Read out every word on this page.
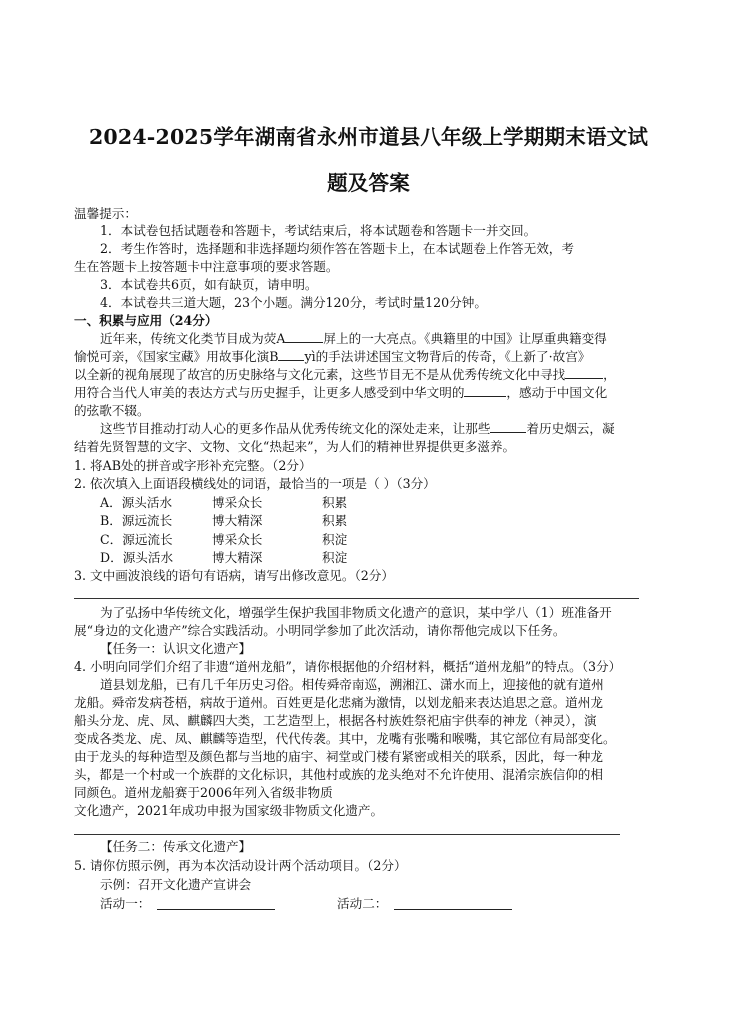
2024-2025学年湖南省永州市道县八年级上学期期末语文试
题及答案
温馨提示：
1．本试卷包括试题卷和答题卡，考试结束后，将本试题卷和答题卡一并交回。
2．考生作答时，选择题和非选择题均须作答在答题卡上，在本试题卷上作答无效，考
生在答题卡上按答题卡中注意事项的要求答题。
3．本试卷共6页，如有缺页，请申明。
4．本试卷共三道大题，23个小题。满分120分，考试时量120分钟。
一、积累与应用（24分）
近年来，传统文化类节目成为荧A	屏上的一大亮点。《典籍里的中国》让厚重典籍变得
愉悦可亲，《国家宝藏》用故事化演B yì的手法讲述国宝文物背后的传奇，《上新了·故宫》
以全新的视角展现了故宫的历史脉络与文化元素，这些节目无不是从优秀传统文化中寻找	，
用符合当代人审美的表达方式与历史握手，让更多人感受到中华文明的	，感动于中国文化
的弦歌不辍。
这些节目推动打动人心的更多作品从优秀传统文化的深处走来，让那些	着历史烟云，凝
结着先贤智慧的文字、文物、文化“热起来”，为人们的精神世界提供更多滋养。
1. 将AB处的拼音或字形补充完整。（2分）
2. 依次填入上面语段横线处的词语，最恰当的一项是（ ）（3分）
A．源头活水	博采众长	积累
B．源远流长	博大精深	积累
C．源远流长	博采众长	积淀
D．源头活水	博大精深	积淀
3. 文中画波浪线的语句有语病，请写出修改意见。（2分）
为了弘扬中华传统文化，增强学生保护我国非物质文化遗产的意识，某中学八（1）班准备开
展“身边的文化遗产”综合实践活动。小明同学参加了此次活动，请你帮他完成以下任务。
【任务一：认识文化遗产】
4. 小明向同学们介绍了非遗“道州龙船”，请你根据他的介绍材料，概括“道州龙船”的特点。（3分）
道县划龙船，已有几千年历史习俗。相传舜帝南巡，溯湘江、潇水而上，迎接他的就有道州
龙船。舜帝发病苍梧，病故于道州。百姓更是化悲痛为激情，以划龙船来表达追思之意。道州龙
船头分龙、虎、凤、麒麟四大类，工艺造型上，根据各村族姓祭祀庙宇供奉的神龙（神灵），演
变成各类龙、虎、凤、麒麟等造型，代代传袭。其中，龙嘴有张嘴和喉嘴，其它部位有局部变化。
由于龙头的每种造型及颜色都与当地的庙宇、祠堂或门楼有紧密或相关的联系，因此，每一种龙
头，都是一个村或一个族群的文化标识，其他村或族的龙头绝对不允许使用、混淆宗族信仰的相
同颜色。道州龙船赛于2006年列入省级非物质
文化遗产，2021年成功申报为国家级非物质文化遗产。
【任务二：传承文化遗产】
5. 请你仿照示例，再为本次活动设计两个活动项目。（2分）
示例：召开文化遗产宣讲会
活动一：	活动二：
